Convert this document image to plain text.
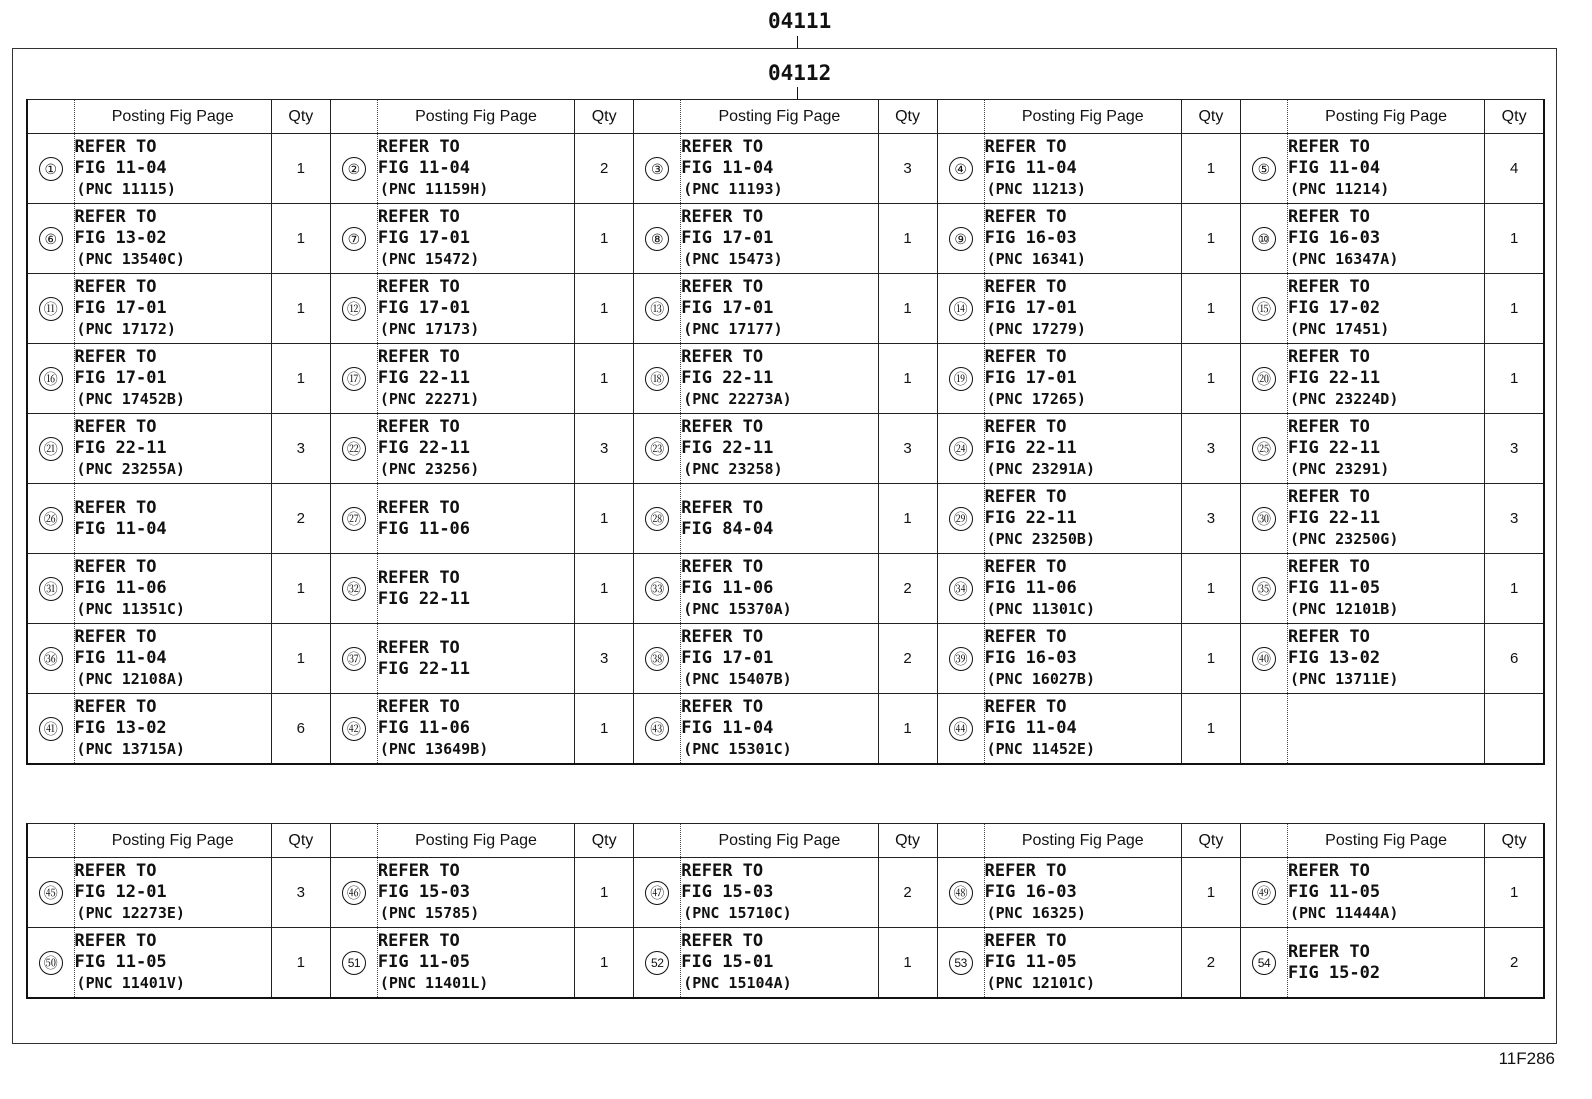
04111
04112
	Posting Fig Page	Qty		Posting Fig Page	Qty		Posting Fig Page	Qty		Posting Fig Page	Qty		Posting Fig Page	Qty
①	REFER TO
FIG 11-04
(PNC 11115)	1	②	REFER TO
FIG 11-04
(PNC 11159H)	2	③	REFER TO
FIG 11-04
(PNC 11193)	3	④	REFER TO
FIG 11-04
(PNC 11213)	1	⑤	REFER TO
FIG 11-04
(PNC 11214)	4
⑥	REFER TO
FIG 13-02
(PNC 13540C)	1	⑦	REFER TO
FIG 17-01
(PNC 15472)	1	⑧	REFER TO
FIG 17-01
(PNC 15473)	1	⑨	REFER TO
FIG 16-03
(PNC 16341)	1	⑩	REFER TO
FIG 16-03
(PNC 16347A)	1
⑪	REFER TO
FIG 17-01
(PNC 17172)	1	⑫	REFER TO
FIG 17-01
(PNC 17173)	1	⑬	REFER TO
FIG 17-01
(PNC 17177)	1	⑭	REFER TO
FIG 17-01
(PNC 17279)	1	⑮	REFER TO
FIG 17-02
(PNC 17451)	1
⑯	REFER TO
FIG 17-01
(PNC 17452B)	1	⑰	REFER TO
FIG 22-11
(PNC 22271)	1	⑱	REFER TO
FIG 22-11
(PNC 22273A)	1	⑲	REFER TO
FIG 17-01
(PNC 17265)	1	⑳	REFER TO
FIG 22-11
(PNC 23224D)	1
㉑	REFER TO
FIG 22-11
(PNC 23255A)	3	㉒	REFER TO
FIG 22-11
(PNC 23256)	3	㉓	REFER TO
FIG 22-11
(PNC 23258)	3	㉔	REFER TO
FIG 22-11
(PNC 23291A)	3	㉕	REFER TO
FIG 22-11
(PNC 23291)	3
㉖	REFER TO
FIG 11-04	2	㉗	REFER TO
FIG 11-06	1	㉘	REFER TO
FIG 84-04	1	㉙	REFER TO
FIG 22-11
(PNC 23250B)	3	㉚	REFER TO
FIG 22-11
(PNC 23250G)	3
㉛	REFER TO
FIG 11-06
(PNC 11351C)	1	㉜	REFER TO
FIG 22-11	1	㉝	REFER TO
FIG 11-06
(PNC 15370A)	2	㉞	REFER TO
FIG 11-06
(PNC 11301C)	1	㉟	REFER TO
FIG 11-05
(PNC 12101B)	1
㊱	REFER TO
FIG 11-04
(PNC 12108A)	1	㊲	REFER TO
FIG 22-11	3	㊳	REFER TO
FIG 17-01
(PNC 15407B)	2	㊴	REFER TO
FIG 16-03
(PNC 16027B)	1	㊵	REFER TO
FIG 13-02
(PNC 13711E)	6
㊶	REFER TO
FIG 13-02
(PNC 13715A)	6	㊷	REFER TO
FIG 11-06
(PNC 13649B)	1	㊸	REFER TO
FIG 11-04
(PNC 15301C)	1	㊹	REFER TO
FIG 11-04
(PNC 11452E)	1			
	Posting Fig Page	Qty		Posting Fig Page	Qty		Posting Fig Page	Qty		Posting Fig Page	Qty		Posting Fig Page	Qty
㊺	REFER TO
FIG 12-01
(PNC 12273E)	3	㊻	REFER TO
FIG 15-03
(PNC 15785)	1	㊼	REFER TO
FIG 15-03
(PNC 15710C)	2	㊽	REFER TO
FIG 16-03
(PNC 16325)	1	㊾	REFER TO
FIG 11-05
(PNC 11444A)	1
㊿	REFER TO
FIG 11-05
(PNC 11401V)	1	51	REFER TO
FIG 11-05
(PNC 11401L)	1	52	REFER TO
FIG 15-01
(PNC 15104A)	1	53	REFER TO
FIG 11-05
(PNC 12101C)	2	54	REFER TO
FIG 15-02	2
11F286
